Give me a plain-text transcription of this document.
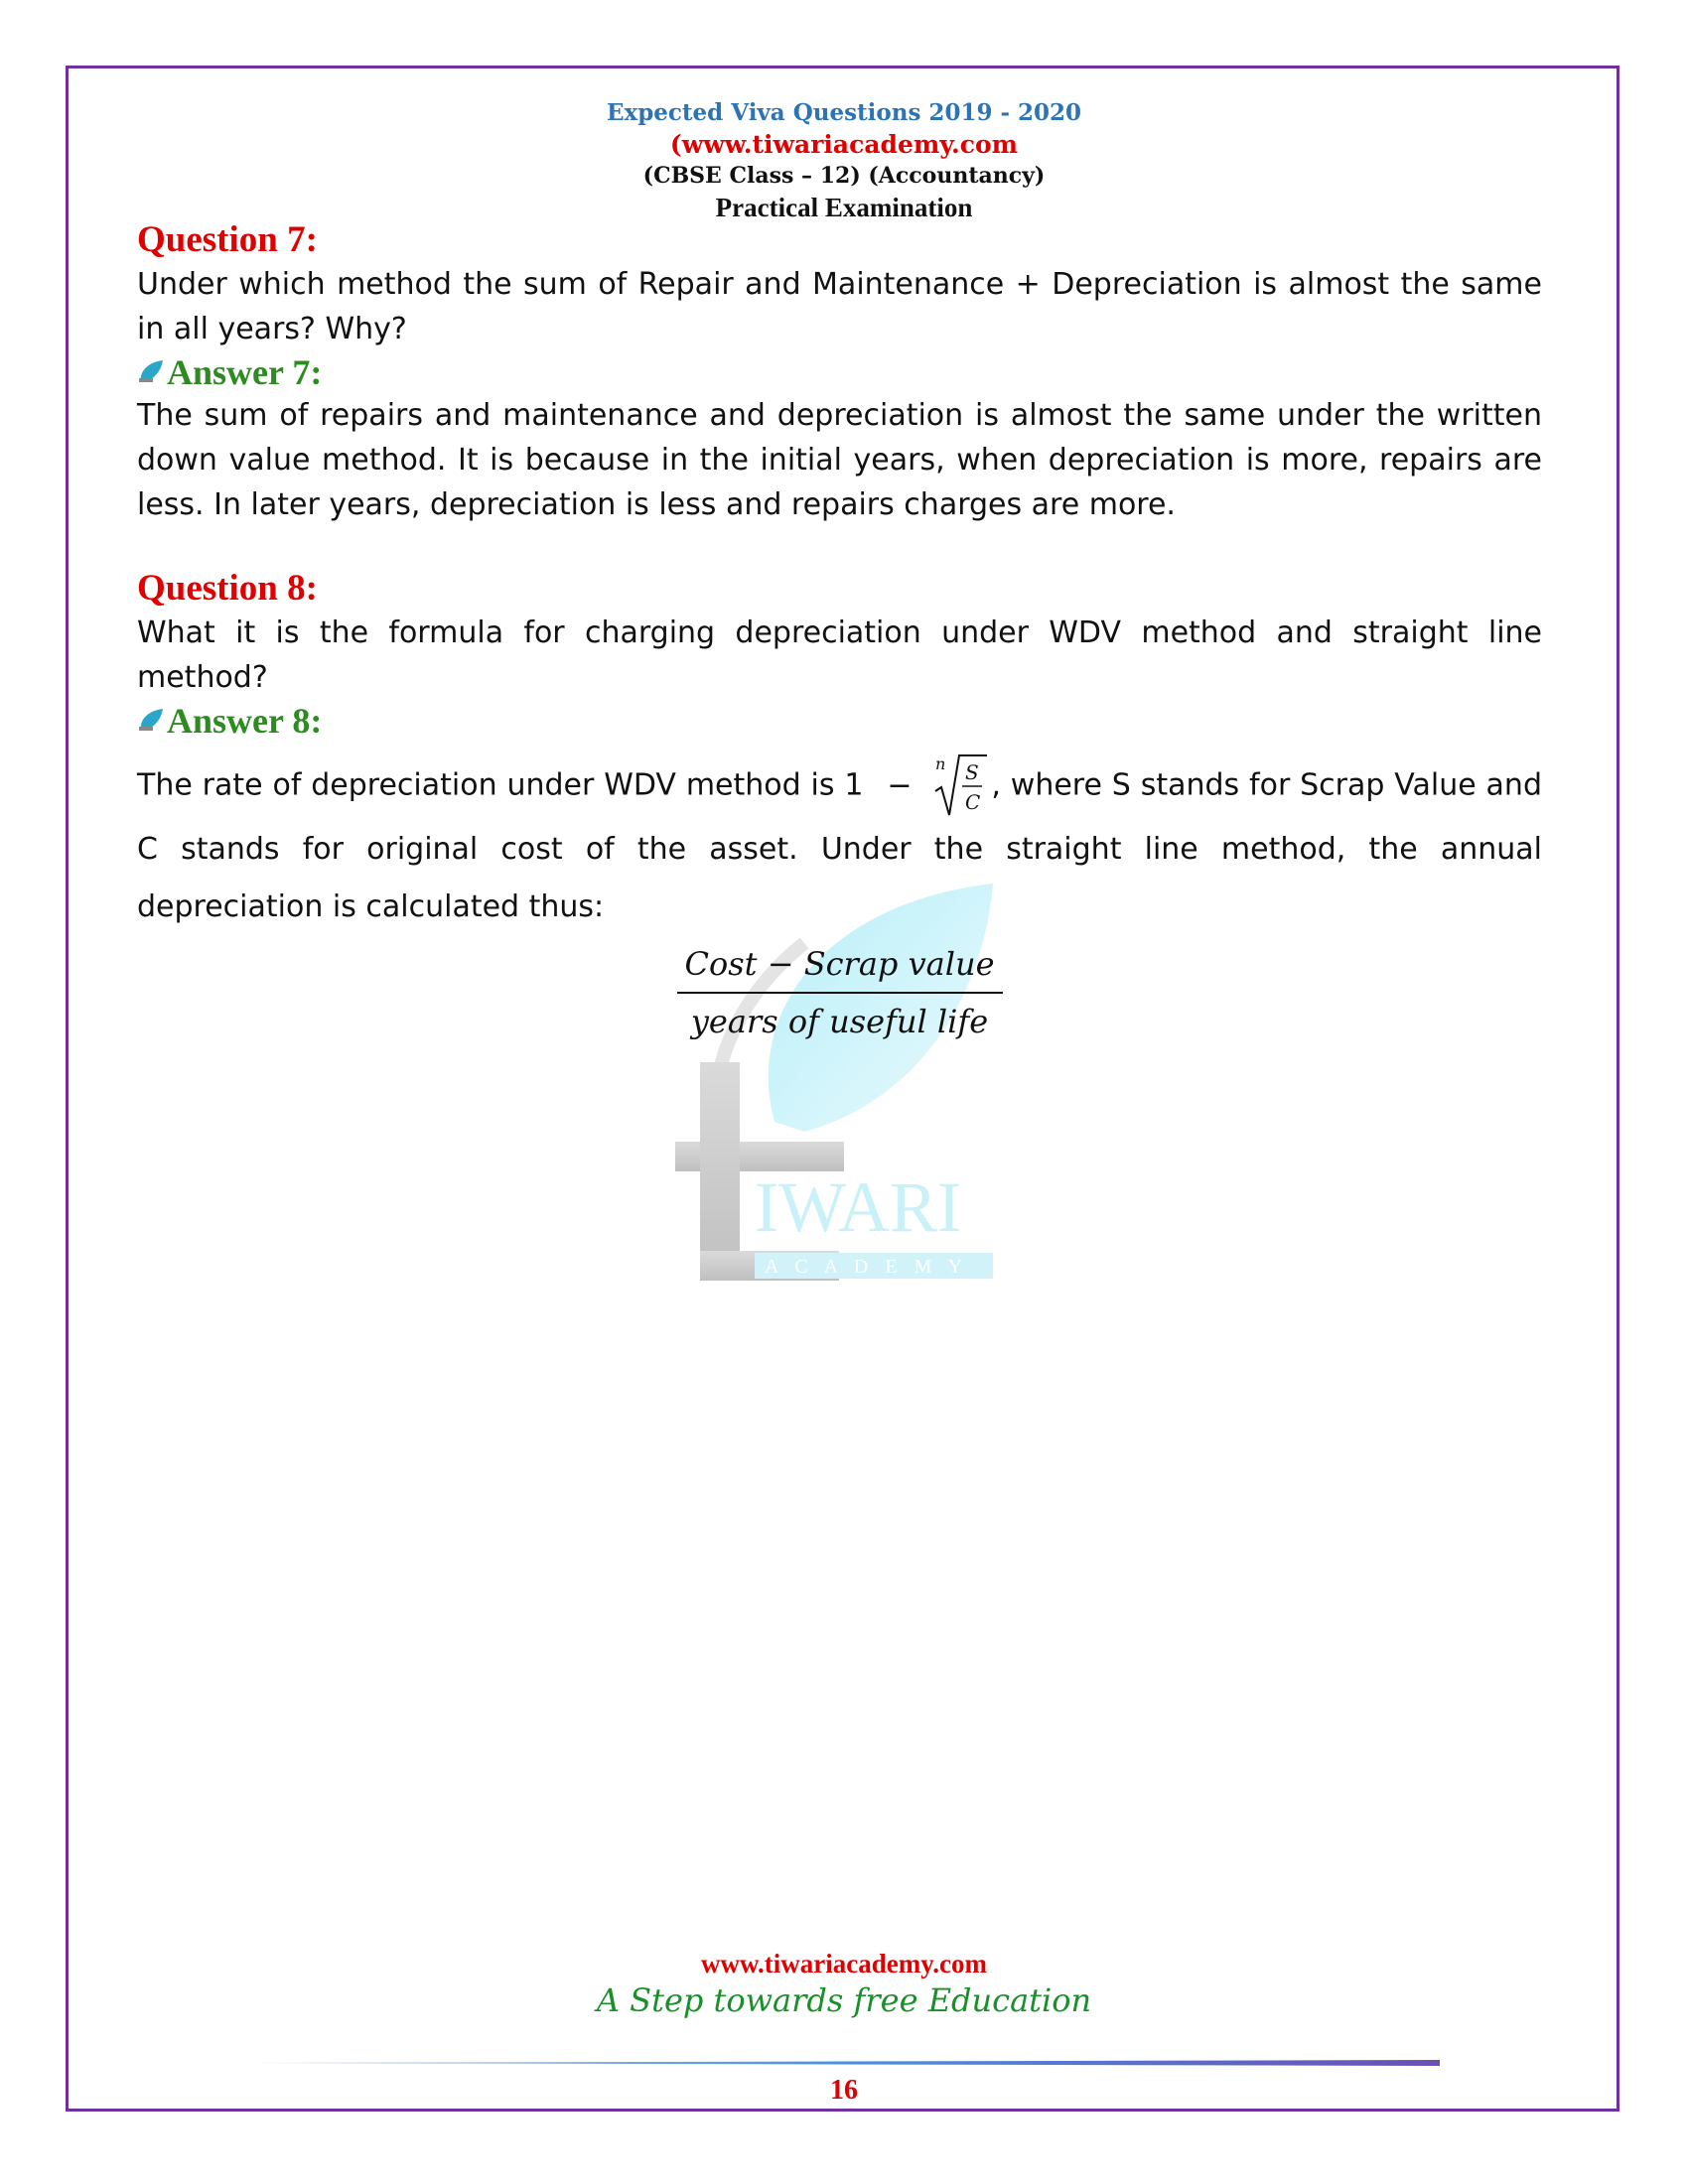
Expected Viva Questions 2019 - 2020
(www.tiwariacademy.com
(CBSE Class – 12) (Accountancy)
Practical Examination
IWARI
A C A D E M Y

Question 7:

Under which method the sum of Repair and Maintenance + Depreciation is almost the same in all years? Why?

Answer 7:

The sum of repairs and maintenance and depreciation is almost the same under the written down value method. It is because in the initial years, when depreciation is more, repairs are less. In later years, depreciation is less and repairs charges are more.

Question 8:

What it is the formula for charging depreciation under WDV method and straight line method?

Answer 8:

The rate of depreciation under WDV method is 1 −
n S
C , where S stands for Scrap Value and C stands for original cost of the asset. Under the straight line method, the annual depreciation is calculated thus:

$\frac{\text{Cost − Scrap value}}{\text{years of useful life}}$
www.tiwariacademy.com
A Step towards free Education
16
